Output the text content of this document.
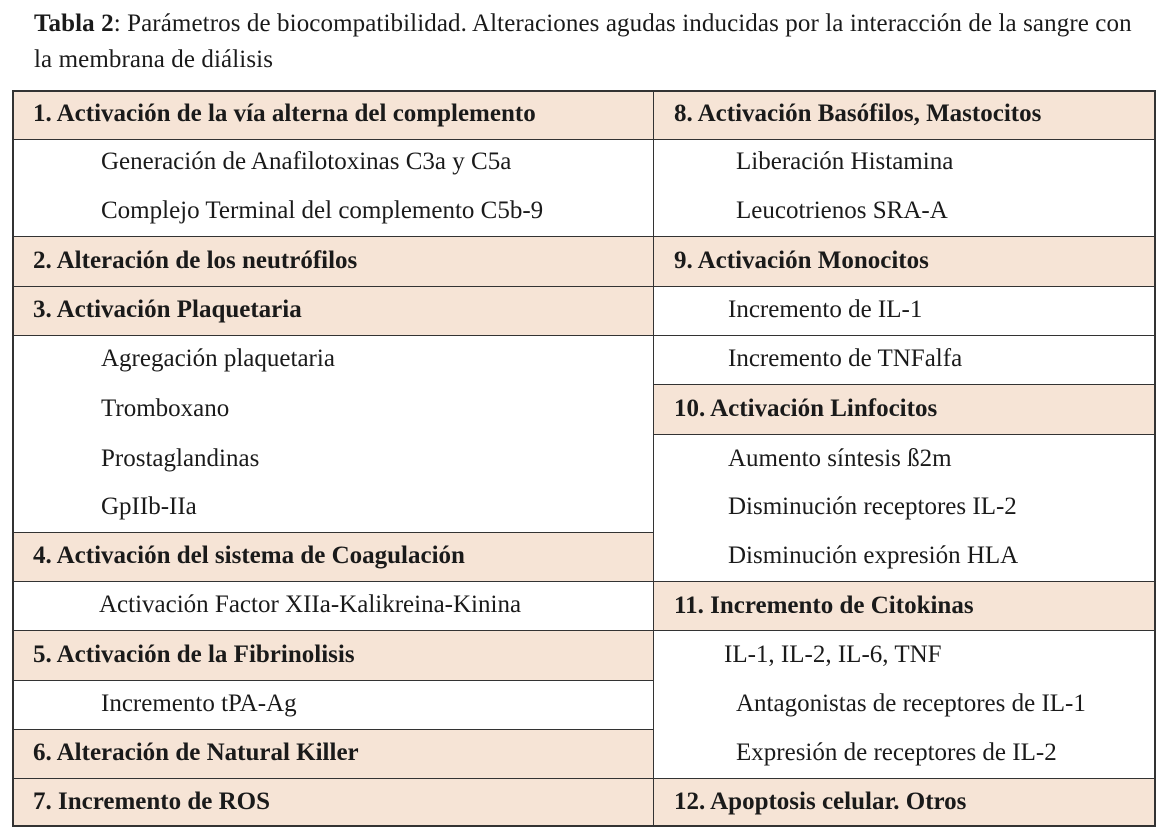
Tabla 2: Parámetros de biocompatibilidad. Alteraciones agudas inducidas por la interacción de la sangre con la membrana de diálisis
1. Activación de la vía alterna del complemento
Generación de Anafilotoxinas C3a y C5a
Complejo Terminal del complemento C5b-9
2. Alteración de los neutrófilos
3. Activación Plaquetaria
Agregación plaquetaria
Tromboxano
Prostaglandinas
GpIIb-IIa
4. Activación del sistema de Coagulación
Activación Factor XIIa-Kalikreina-Kinina
5. Activación de la Fibrinolisis
Incremento tPA-Ag
6. Alteración de Natural Killer
7. Incremento de ROS
8. Activación Basófilos, Mastocitos
Liberación Histamina
Leucotrienos SRA-A
9. Activación Monocitos
Incremento de IL-1
Incremento de TNFalfa
10. Activación Linfocitos
Aumento síntesis ß2m
Disminución receptores IL-2
Disminución expresión HLA
11. Incremento de Citokinas
IL-1, IL-2, IL-6, TNF
Antagonistas de receptores de IL-1
Expresión de receptores de IL-2
12. Apoptosis celular. Otros
